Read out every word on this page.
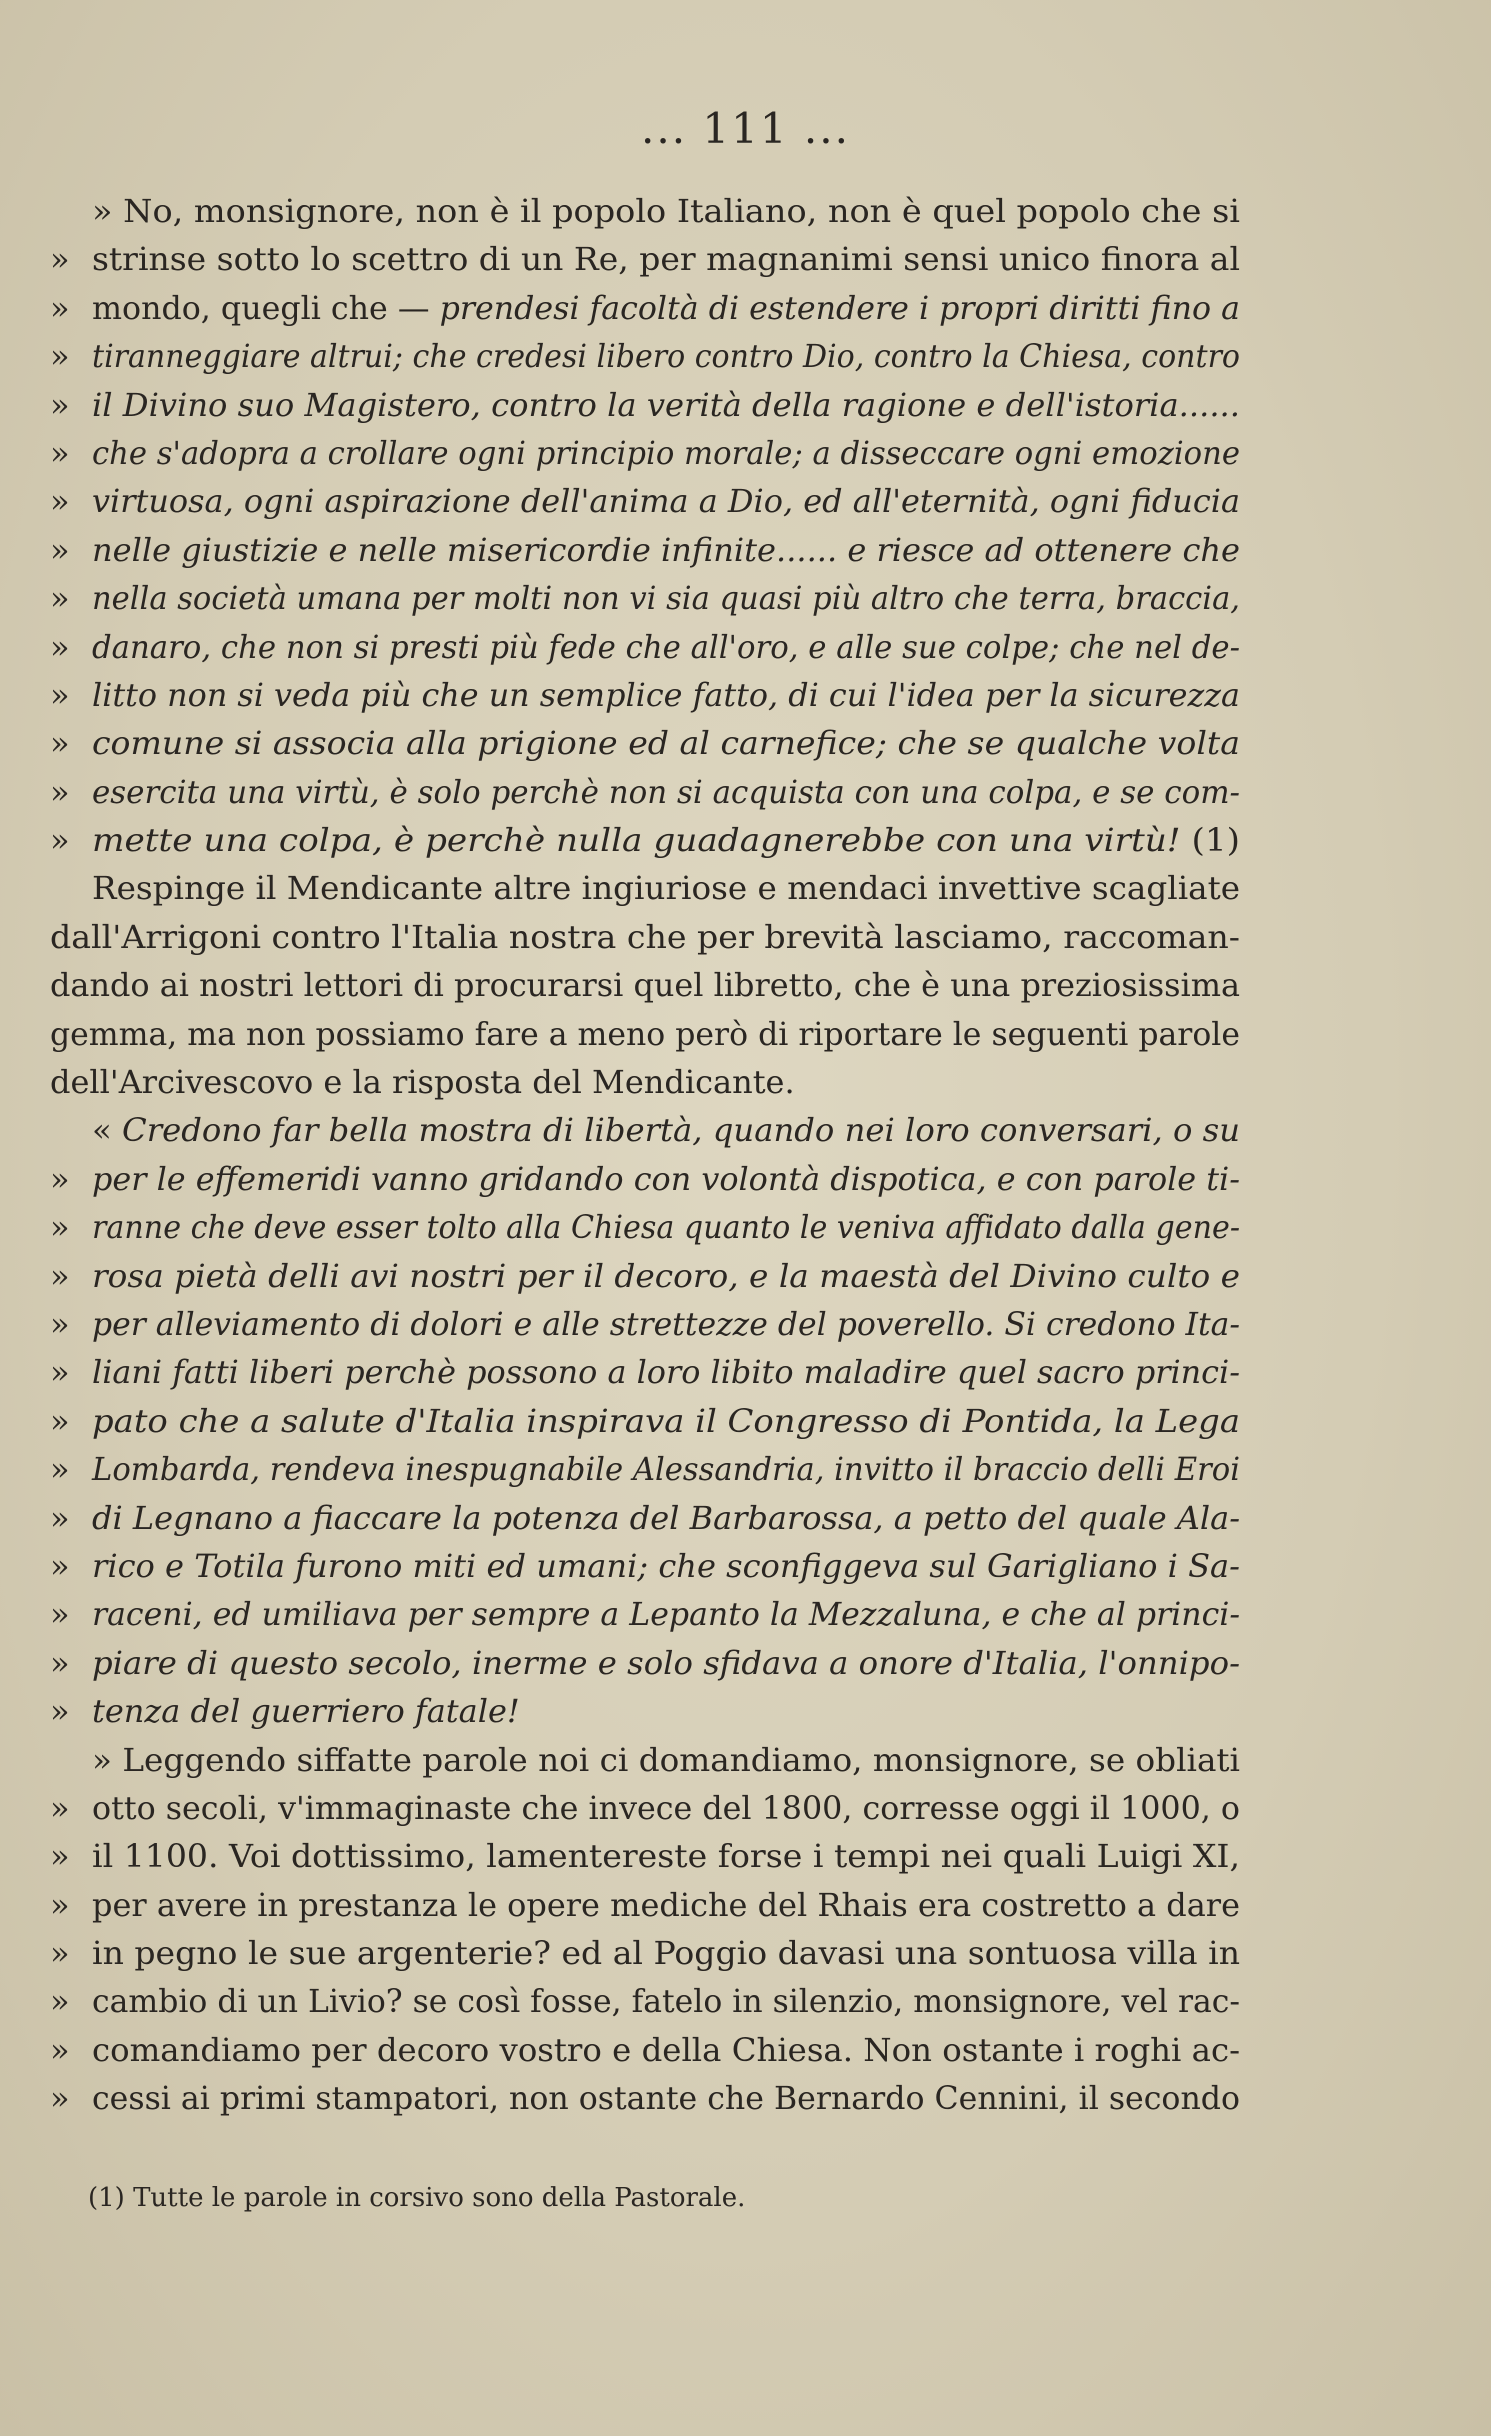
... 111 ...
» No, monsignore, non è il popolo Italiano, non è quel popolo che si
» strinse sotto lo scettro di un Re, per magnanimi sensi unico finora al
» mondo, quegli che — prendesi facoltà di estendere i propri diritti fino a
» tiranneggiare altrui; che credesi libero contro Dio, contro la Chiesa, contro
» il Divino suo Magistero, contro la verità della ragione e dell'istoria......
» che s'adopra a crollare ogni principio morale; a disseccare ogni emozione
» virtuosa, ogni aspirazione dell'anima a Dio, ed all'eternità, ogni fiducia
» nelle giustizie e nelle misericordie infinite...... e riesce ad ottenere che
» nella società umana per molti non vi sia quasi più altro che terra, braccia,
» danaro, che non si presti più fede che all'oro, e alle sue colpe; che nel de-
» litto non si veda più che un semplice fatto, di cui l'idea per la sicurezza
» comune si associa alla prigione ed al carnefice; che se qualche volta
» esercita una virtù, è solo perchè non si acquista con una colpa, e se com-
» mette una colpa, è perchè nulla guadagnerebbe con una virtù! (1)
Respinge il Mendicante altre ingiuriose e mendaci invettive scagliate
dall'Arrigoni contro l'Italia nostra che per brevità lasciamo, raccoman-
dando ai nostri lettori di procurarsi quel libretto, che è una preziosissima
gemma, ma non possiamo fare a meno però di riportare le seguenti parole
dell'Arcivescovo e la risposta del Mendicante.
« Credono far bella mostra di libertà, quando nei loro conversari, o su
» per le effemeridi vanno gridando con volontà dispotica, e con parole ti-
» ranne che deve esser tolto alla Chiesa quanto le veniva affidato dalla gene-
» rosa pietà delli avi nostri per il decoro, e la maestà del Divino culto e
» per alleviamento di dolori e alle strettezze del poverello. Si credono Ita-
» liani fatti liberi perchè possono a loro libito maladire quel sacro princi-
» pato che a salute d'Italia inspirava il Congresso di Pontida, la Lega
» Lombarda, rendeva inespugnabile Alessandria, invitto il braccio delli Eroi
» di Legnano a fiaccare la potenza del Barbarossa, a petto del quale Ala-
» rico e Totila furono miti ed umani; che sconfiggeva sul Garigliano i Sa-
» raceni, ed umiliava per sempre a Lepanto la Mezzaluna, e che al princi-
» piare di questo secolo, inerme e solo sfidava a onore d'Italia, l'onnipo-
» tenza del guerriero fatale!
» Leggendo siffatte parole noi ci domandiamo, monsignore, se obliati
» otto secoli, v'immaginaste che invece del 1800, corresse oggi il 1000, o
» il 1100. Voi dottissimo, lamentereste forse i tempi nei quali Luigi XI,
» per avere in prestanza le opere mediche del Rhais era costretto a dare
» in pegno le sue argenterie? ed al Poggio davasi una sontuosa villa in
» cambio di un Livio? se così fosse, fatelo in silenzio, monsignore, vel rac-
» comandiamo per decoro vostro e della Chiesa. Non ostante i roghi ac-
» cessi ai primi stampatori, non ostante che Bernardo Cennini, il secondo
(1) Tutte le parole in corsivo sono della Pastorale.
